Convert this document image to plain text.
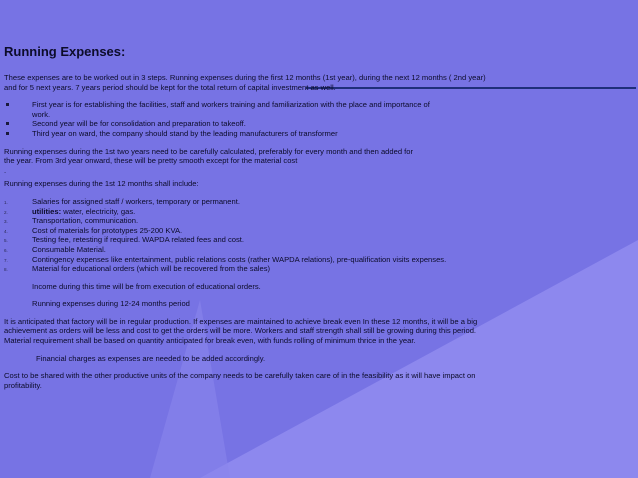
Running Expenses:

These expenses are to be worked out in 3 steps. Running expenses during the first 12 months (1st year), during the next 12 months ( 2nd year)

and for 5 next years. 7 years period should be kept for the total return of capital investment as well.

First year is for establishing the facilities, staff and workers training and familiarization with the place and importance of
work.
Second year will be for consolidation and preparation to takeoff.
Third year on ward, the company should stand by the leading manufacturers of transformer

Running expenses during the 1st two years need to be carefully calculated, preferably for every month and then added for

the year. From 3rd year onward, these will be pretty smooth except for the material cost

.

Running expenses during the 1st 12 months shall include:

1.	Salaries for assigned staff / workers, temporary or permanent.
2.	utilities: water, electricity, gas.
3.	Transportation, communication.
4.	Cost of materials for prototypes 25-200 KVA.
5.	Testing fee, retesting if required. WAPDA related fees and cost.
6.	Consumable Material.
7.	Contingency expenses like entertainment, public relations costs (rather WAPDA relations), pre-qualification visits expenses.
8.	Material for educational orders (which will be recovered from the sales)

Income during this time will be from execution of educational orders.

Running expenses during 12-24 months period

It is anticipated that factory will be in regular production. If expenses are maintained to achieve break even In these 12 months, it will be a big

achievement as orders will be less and cost to get the orders will be more. Workers and staff strength shall still be growing during this period.

Material requirement shall be based on quantity anticipated for break even, with funds rolling of minimum thrice in the year.

Financial charges as expenses are needed to be added accordingly.

Cost to be shared with the other productive units of the company needs to be carefully taken care of in the feasibility as it will have impact on

profitability.
